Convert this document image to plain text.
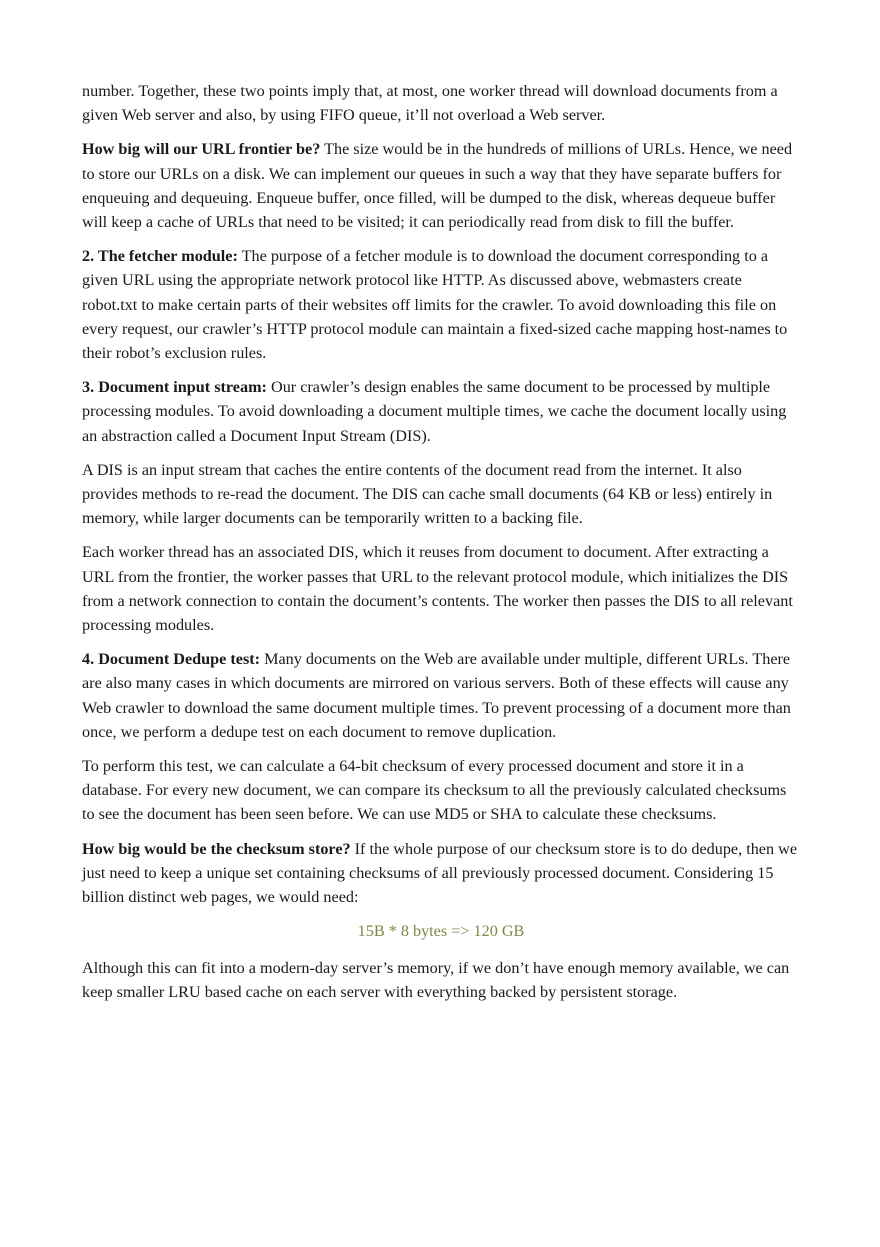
number. Together, these two points imply that, at most, one worker thread will download documents from a given Web server and also, by using FIFO queue, it’ll not overload a Web server.

How big will our URL frontier be? The size would be in the hundreds of millions of URLs. Hence, we need to store our URLs on a disk. We can implement our queues in such a way that they have separate buffers for enqueuing and dequeuing. Enqueue buffer, once filled, will be dumped to the disk, whereas dequeue buffer will keep a cache of URLs that need to be visited; it can periodically read from disk to fill the buffer.

2. The fetcher module: The purpose of a fetcher module is to download the document corresponding to a given URL using the appropriate network protocol like HTTP. As discussed above, webmasters create robot.txt to make certain parts of their websites off limits for the crawler. To avoid downloading this file on every request, our crawler’s HTTP protocol module can maintain a fixed-sized cache mapping host-names to their robot’s exclusion rules.

3. Document input stream: Our crawler’s design enables the same document to be processed by multiple processing modules. To avoid downloading a document multiple times, we cache the document locally using an abstraction called a Document Input Stream (DIS).

A DIS is an input stream that caches the entire contents of the document read from the internet. It also provides methods to re-read the document. The DIS can cache small documents (64 KB or less) entirely in memory, while larger documents can be temporarily written to a backing file.

Each worker thread has an associated DIS, which it reuses from document to document. After extracting a URL from the frontier, the worker passes that URL to the relevant protocol module, which initializes the DIS from a network connection to contain the document’s contents. The worker then passes the DIS to all relevant processing modules.

4. Document Dedupe test: Many documents on the Web are available under multiple, different URLs. There are also many cases in which documents are mirrored on various servers. Both of these effects will cause any Web crawler to download the same document multiple times. To prevent processing of a document more than once, we perform a dedupe test on each document to remove duplication.

To perform this test, we can calculate a 64-bit checksum of every processed document and store it in a database. For every new document, we can compare its checksum to all the previously calculated checksums to see the document has been seen before. We can use MD5 or SHA to calculate these checksums.

How big would be the checksum store? If the whole purpose of our checksum store is to do dedupe, then we just need to keep a unique set containing checksums of all previously processed document. Considering 15 billion distinct web pages, we would need:

15B * 8 bytes => 120 GB

Although this can fit into a modern-day server’s memory, if we don’t have enough memory available, we can keep smaller LRU based cache on each server with everything backed by persistent storage.
